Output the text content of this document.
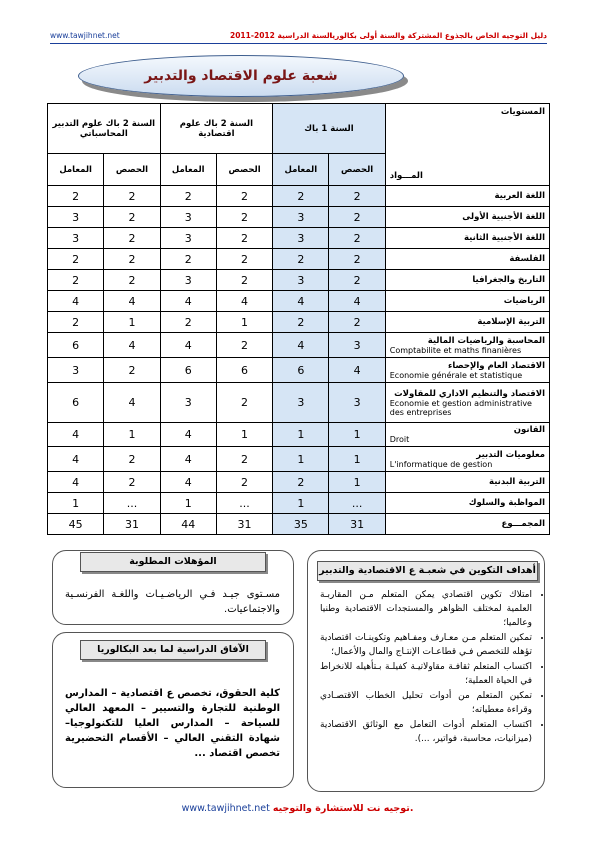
www.tawjihnet.net	السنة الدراسية 2012-2011
دليل التوجيه الخاص بالجذوع المشتركة والسنة أولى بكالوريا
شعبة علوم الاقتصاد والتدبير
المستويات
المـــواد	السنة 1 باك		السنة 2 باك علوم اقتصادية		السنة 2 باك علوم التدبير المحاسباتي	
	الحصص	المعامل	الحصص	المعامل	الحصص	المعامل
اللغة العربية	2	2	2	2	2	2
اللغة الأجنبية الأولى	2	3	2	3	2	3
اللغة الأجنبية الثانية	2	3	2	3	2	3
الفلسفة	2	2	2	2	2	2
التاريخ والجغرافيا	2	3	2	3	2	2
الرياضيات	4	4	4	4	4	4
التربية الإسلامية	2	2	1	2	1	2
المحاسبة والرياضيات المالية
Comptabilite et maths finanières	3	4	2	4	4	6
الاقتصاد العام والإحصاء
Economie générale et statistique	4	6	6	6	2	3
الاقتصاد والتنظيم الاداري للمقاولات
Economie et gestion administrative des entreprises	3	3	2	3	4	6
القانون
Droit	1	1	1	4	1	4
معلوميات التدبير
L'informatique de gestion	1	1	2	4	2	4
التربية البدنية	1	2	2	4	2	4
المواظبة والسلوك	...	1	...	1	...	1
المجمـــوع	31	35	31	44	31	45
أهداف التكوين في شعبـة ع الاقتصادية والتدبير
• امتلاك تكوين اقتصادي يمكن المتعلم مـن المقاربـة العلمية لمختلف الظواهر والمستجدات الاقتصادية وطنيا وعالميا؛
• تمكين المتعلم مـن معـارف ومفـاهيم وتكوينـات اقتصادية تؤهله للتخصص فـي قطاعـات الإنتـاج والمال والأعمال؛
• اكتساب المتعلم ثقافـة مقاولاتيـة كفيلـة بـتأهيله للانخراط في الحياة العملية؛
• تمكين المتعلم من أدوات تحليل الخطاب الاقتصـادي وقراءة معطياته؛
• اكتساب المتعلم أدوات التعامل مع الوثائق الاقتصادية (ميزانيات، محاسبة، فواتير، ...).
المؤهلات المطلوبة
مسـتوى جيـد فـي الرياضـيـات واللغـة الفرنسـية والاجتماعيات.
الآفاق الدراسية لما بعد البكالوريا
كلية الحقوق، تخصص ع اقتصادية – المدارس الوطنية للتجارة والتسيير – المعهد العالي للسياحة – المدارس العليا للتكنولوجيا– شهادة التقني العالي – الأقسام التحضيرية تخصص اقتصاد ...
www.tawjihnet.net توجيه نت للاستشارة والتوجيه.
